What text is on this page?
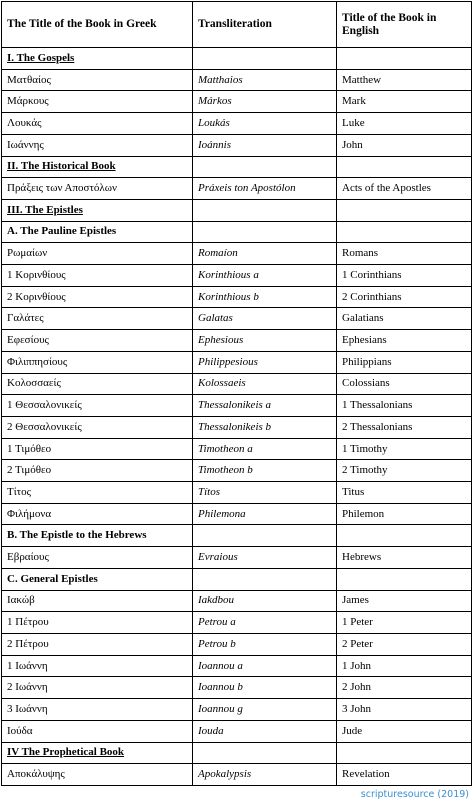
The Title of the Book in Greek	Transliteration	Title of the Book in English
I. The Gospels		
Ματθαίος	Matthaios	Matthew
Μάρκους	Márkos	Mark
Λουκάς	Loukás	Luke
Ιωάννης	Ioánnis	John
II. The Historical Book		
Πράξεις των Αποστόλων	Práxeis ton Apostólon	Acts of the Apostles
III. The Epistles		
A. The Pauline Epistles		
Ρωμαίων	Romaíon	Romans
1 Κορινθίους	Korinthious a	1 Corinthians
2 Κορινθίους	Korinthious b	2 Corinthians
Γαλάτες	Galatas	Galatians
Εφεσίους	Ephesious	Ephesians
Φιλιππησίους	Philippesious	Philippians
Κολοσσαείς	Kolossaeis	Colossians
1 Θεσσαλονικείς	Thessalonikeis a	1 Thessalonians
2 Θεσσαλονικείς	Thessalonikeis b	2 Thessalonians
1 Τιμόθεο	Timotheon a	1 Timothy
2 Τιμόθεο	Timotheon b	2 Timothy
Τίτος	Títos	Titus
Φιλήμονα	Philemona	Philemon
B. The Epistle to the Hebrews		
Εβραίους	Evraious	Hebrews
C. General Epistles		
Ιακώβ	Iakdbou	James
1 Πέτρου	Petrou a	1 Peter
2 Πέτρου	Petrou b	2 Peter
1 Ιωάννη	Ioannou a	1 John
2 Ιωάννη	Ioannou b	2 John
3 Ιωάννη	Ioannou g	3 John
Ιούδα	Iouda	Jude
IV The Prophetical Book		
Αποκάλυψης	Apokalypsis	Revelation
scripturesource (2019)
